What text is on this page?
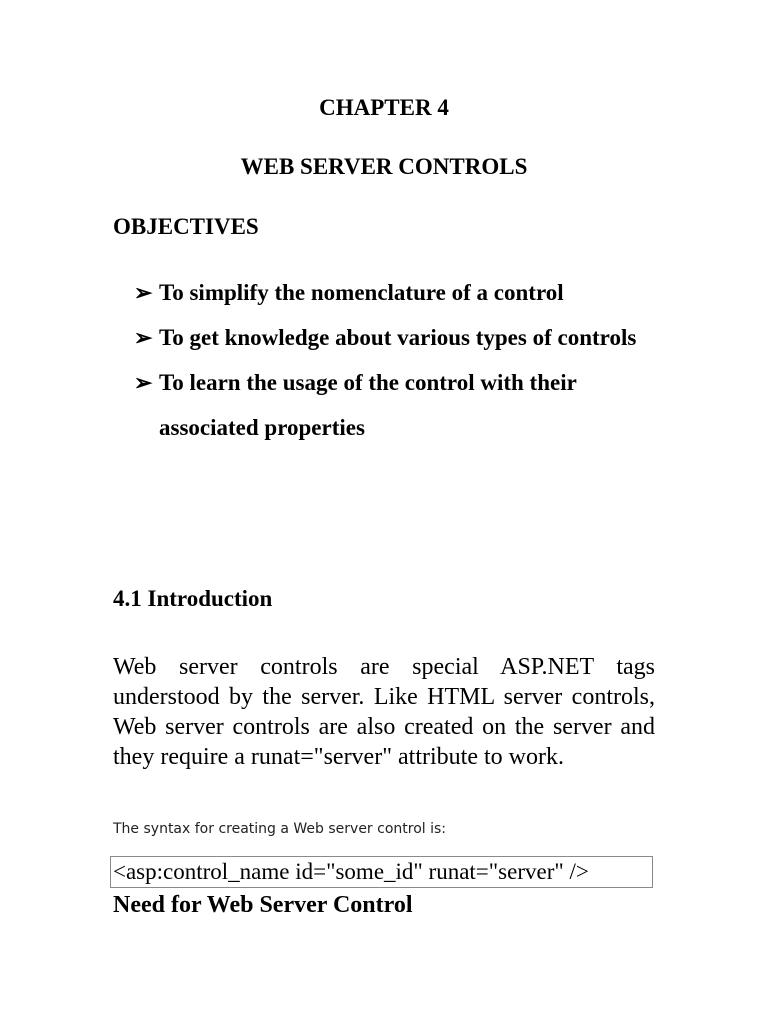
CHAPTER 4
WEB SERVER CONTROLS
OBJECTIVES
➢ To simplify the nomenclature of a control
➢ To get knowledge about various types of controls
➢ To learn the usage of the control with their associated properties
4.1 Introduction

Web server controls are special ASP.NET tags understood by the server. Like HTML server controls, Web server controls are also created on the server and they require a runat="server" attribute to work.

The syntax for creating a Web server control is:
<asp:control_name id="some_id" runat="server" />
Need for Web Server Control
